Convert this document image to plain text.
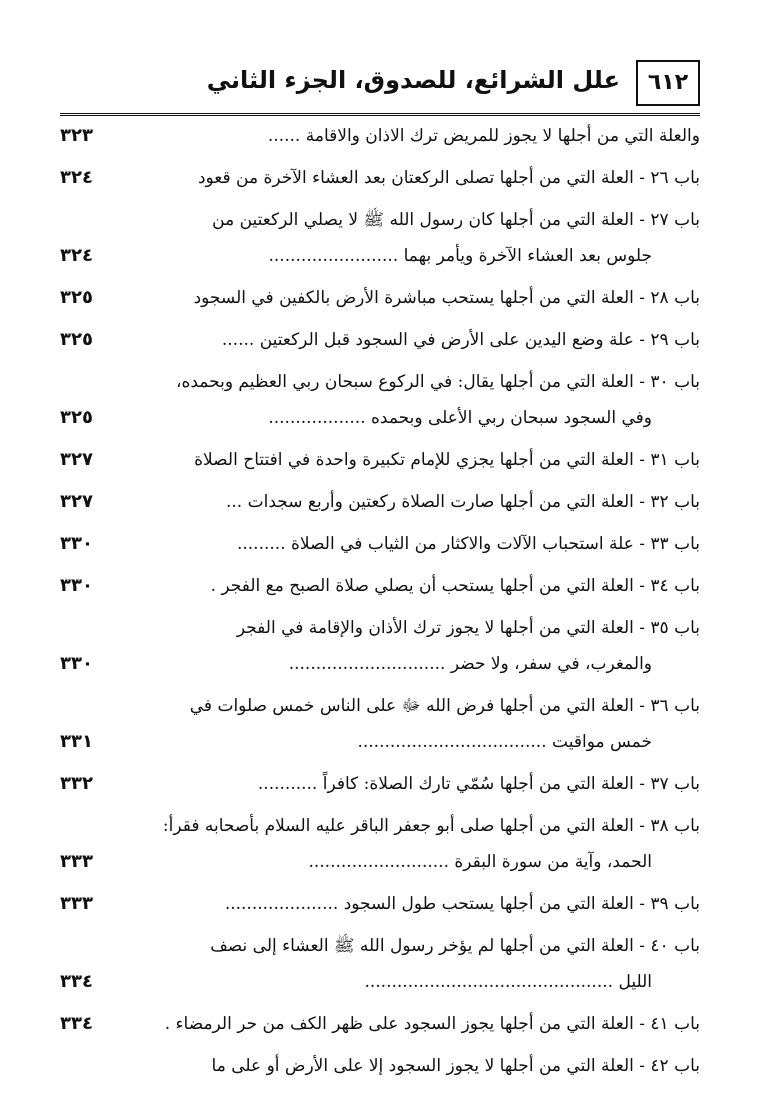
علل الشرائع، للصدوق، الجزء الثاني	٦١٢
والعلة التي من أجلها لا يجوز للمريض ترك الاذان والاقامة ......
٣٢٣
باب ٢٦ - العلة التي من أجلها تصلى الركعتان بعد العشاء الآخرة من قعود
٣٢٤
باب ٢٧ - العلة التي من أجلها كان رسول الله ﷺ لا يصلي الركعتين من
جلوس بعد العشاء الآخرة ويأمر بهما ........................
٣٢٤
باب ٢٨ - العلة التي من أجلها يستحب مباشرة الأرض بالكفين في السجود
٣٢٥
باب ٢٩ - علة وضع اليدين على الأرض في السجود قبل الركعتين ......
٣٢٥
باب ٣٠ - العلة التي من أجلها يقال: في الركوع سبحان ربي العظيم وبحمده،
وفي السجود سبحان ربي الأعلى وبحمده ..................
٣٢٥
باب ٣١ - العلة التي من أجلها يجزي للإمام تكبيرة واحدة في افتتاح الصلاة
٣٢٧
باب ٣٢ - العلة التي من أجلها صارت الصلاة ركعتين وأربع سجدات ...
٣٢٧
باب ٣٣ - علة استحباب الآلات والاكثار من الثياب في الصلاة .........
٣٣٠
باب ٣٤ - العلة التي من أجلها يستحب أن يصلي صلاة الصبح مع الفجر .
٣٣٠
باب ٣٥ - العلة التي من أجلها لا يجوز ترك الأذان والإقامة في الفجر
والمغرب، في سفر، ولا حضر .............................
٣٣٠
باب ٣٦ - العلة التي من أجلها فرض الله ﷻ على الناس خمس صلوات في
خمس مواقيت ...................................
٣٣١
باب ٣٧ - العلة التي من أجلها سُمّي تارك الصلاة: كافراً ...........
٣٣٢
باب ٣٨ - العلة التي من أجلها صلى أبو جعفر الباقر عليه السلام بأصحابه فقرأ:
الحمد، وآية من سورة البقرة ..........................
٣٣٣
باب ٣٩ - العلة التي من أجلها يستحب طول السجود .....................
٣٣٣
باب ٤٠ - العلة التي من أجلها لم يؤخر رسول الله ﷺ العشاء إلى نصف
الليل ..............................................
٣٣٤
باب ٤١ - العلة التي من أجلها يجوز السجود على ظهر الكف من حر الرمضاء .
٣٣٤
باب ٤٢ - العلة التي من أجلها لا يجوز السجود إلا على الأرض أو على ما
